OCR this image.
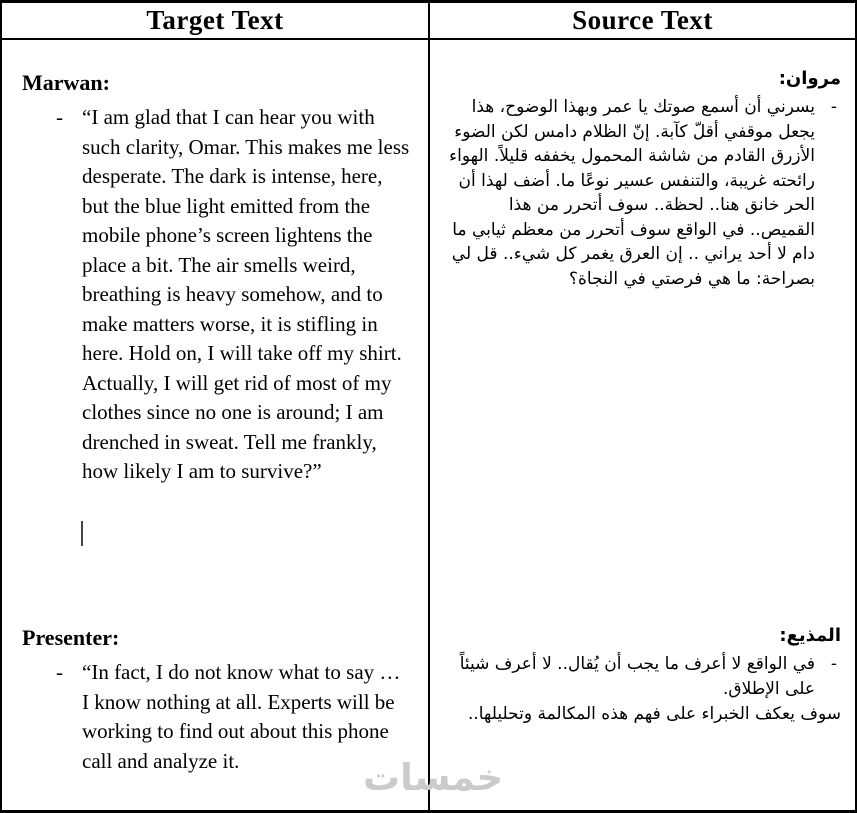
Target Text	Source Text
Marwan:
- “I am glad that I can hear you with such clarity, Omar. This makes me less desperate. The dark is intense, here, but the blue light emitted from the mobile phone’s screen lightens the place a bit. The air smells weird, breathing is heavy somehow, and to make matters worse, it is stifling in here. Hold on, I will take off my shirt. Actually, I will get rid of most of my clothes since no one is around; I am drenched in sweat. Tell me frankly, how likely I am to survive?”
Presenter:
- “In fact, I do not know what to say … I know nothing at all. Experts will be working to find out about this phone call and analyze it.
مروان:
-
يسرني أن أسمع صوتك يا عمر وبهذا الوضوح، هذا يجعل موقفي أقلّ كآبة. إنّ الظلام دامس لكن الضوء الأزرق القادم من شاشة المحمول يخففه قليلاً. الهواء رائحته غريبة، والتنفس عسير نوعًا ما. أضف لهذا أن الحر خانق هنا.. لحظة.. سوف أتحرر من هذا القميص.. في الواقع سوف أتحرر من معظم ثيابي ما دام لا أحد يراني .. إن العرق يغمر كل شيء.. قل لي بصراحة: ما هي فرصتي في النجاة؟
المذيع:
-
في الواقع لا أعرف ما يجب أن يُقال.. لا أعرف شيئاً على الإطلاق.
سوف يعكف الخبراء على فهم هذه المكالمة وتحليلها..
خمسات
